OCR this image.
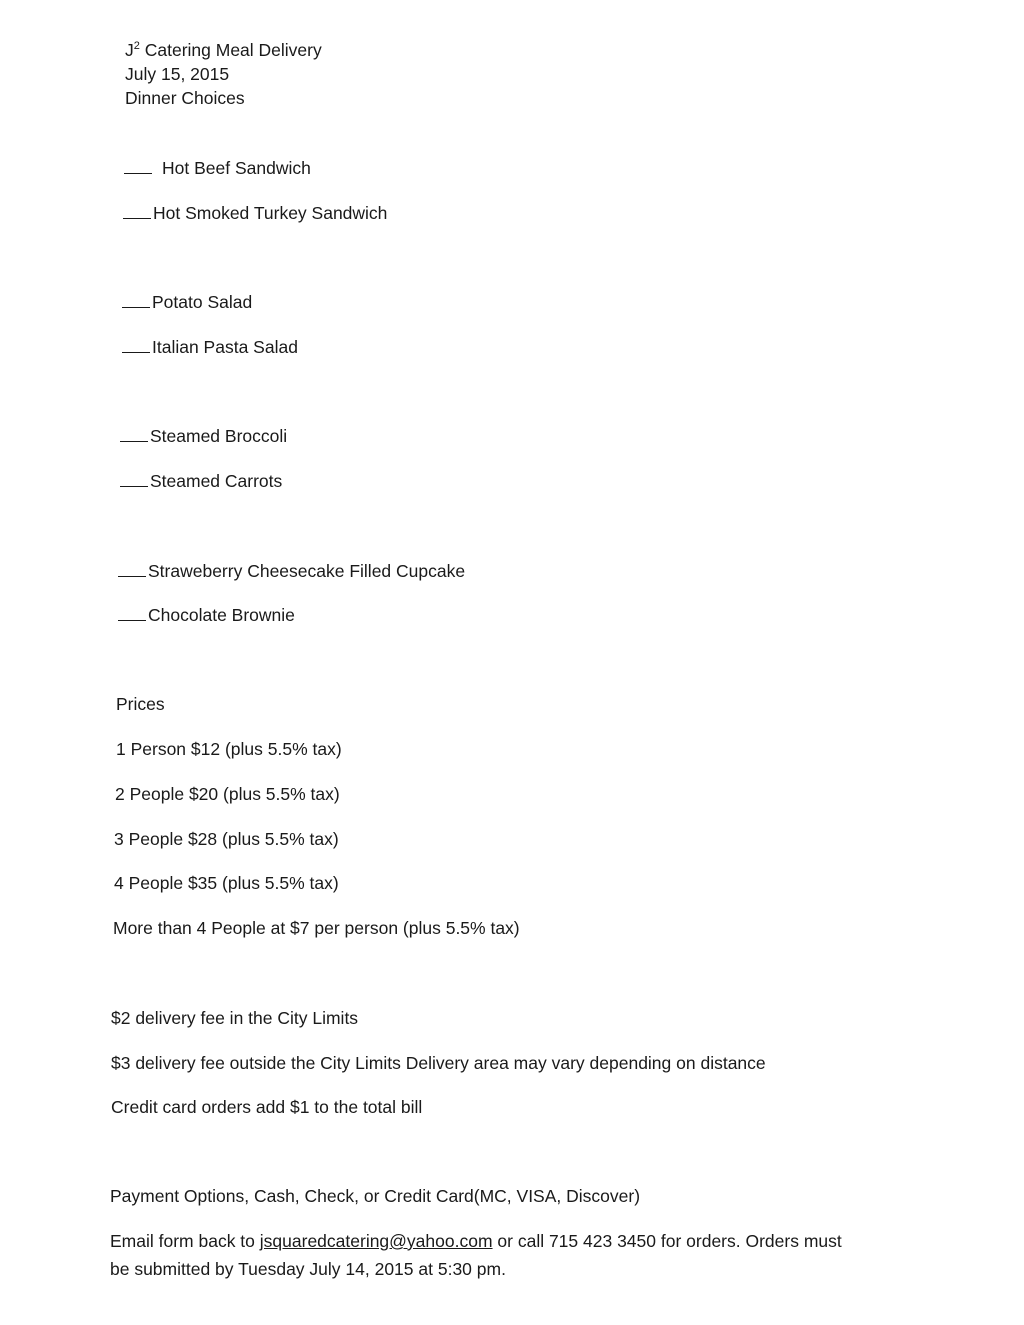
$J^2$ Catering Meal Delivery
July 15, 2015
Dinner Choices
Hot Beef Sandwich
Hot Smoked Turkey Sandwich
Potato Salad
Italian Pasta Salad
Steamed Broccoli
Steamed Carrots
Straweberry Cheesecake Filled Cupcake
Chocolate Brownie
Prices
1 Person $12 (plus 5.5% tax)
2 People $20 (plus 5.5% tax)
3 People $28 (plus 5.5% tax)
4 People $35 (plus 5.5% tax)
More than 4 People at $7 per person (plus 5.5% tax)
$2 delivery fee in the City Limits
$3 delivery fee outside the City Limits Delivery area may vary depending on distance
Credit card orders add $1 to the total bill
Payment Options, Cash, Check, or Credit Card(MC, VISA, Discover)
Email form back to jsquaredcatering@yahoo.com or call 715 423 3450 for orders. Orders must
be submitted by Tuesday July 14, 2015 at 5:30 pm.
